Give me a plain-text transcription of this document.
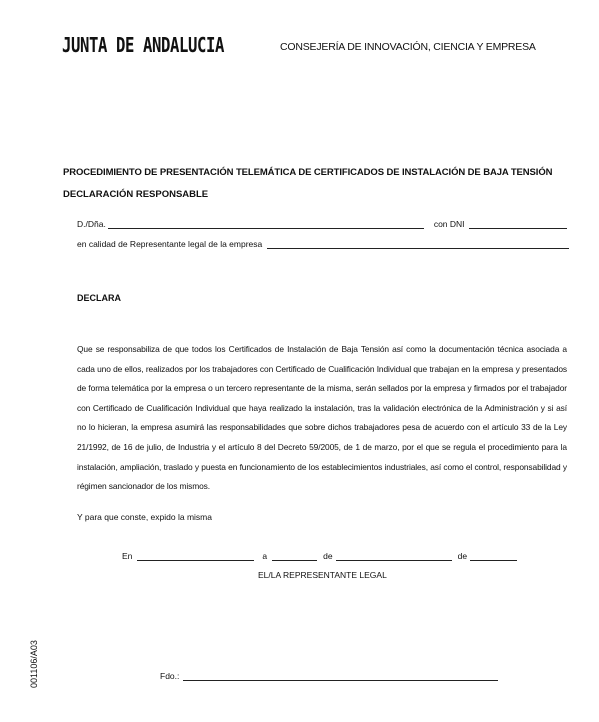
JUNTA DE ANDALUCIA	CONSEJERÍA DE INNOVACIÓN, CIENCIA Y EMPRESA
PROCEDIMIENTO DE PRESENTACIÓN TELEMÁTICA DE CERTIFICADOS DE INSTALACIÓN DE BAJA TENSIÓN
DECLARACIÓN RESPONSABLE
D./Dña.	con DNI
en calidad de Representante legal de la empresa
DECLARA
Que se responsabiliza de que todos los Certificados de Instalación de Baja Tensión así como la documentación técnica asociada a cada uno de ellos, realizados por los trabajadores con Certificado de Cualificación Individual que trabajan en la empresa y presentados de forma telemática por la empresa o un tercero representante de la misma, serán sellados por la empresa y firmados por el trabajador con Certificado de Cualificación Individual que haya realizado la instalación, tras la validación electrónica de la Administración y si así no lo hicieran, la empresa asumirá las responsabilidades que sobre dichos trabajadores pesa de acuerdo con el artículo 33 de la Ley 21/1992, de 16 de julio, de Industria y el artículo 8 del Decreto 59/2005, de 1 de marzo, por el que se regula el procedimiento para la instalación, ampliación, traslado y puesta en funcionamiento de los establecimientos industriales, así como el control, responsabilidad y régimen sancionador de los mismos.
Y para que conste, expido la misma
En	a	de	de
EL/LA REPRESENTANTE LEGAL
Fdo.:
001106/A03
